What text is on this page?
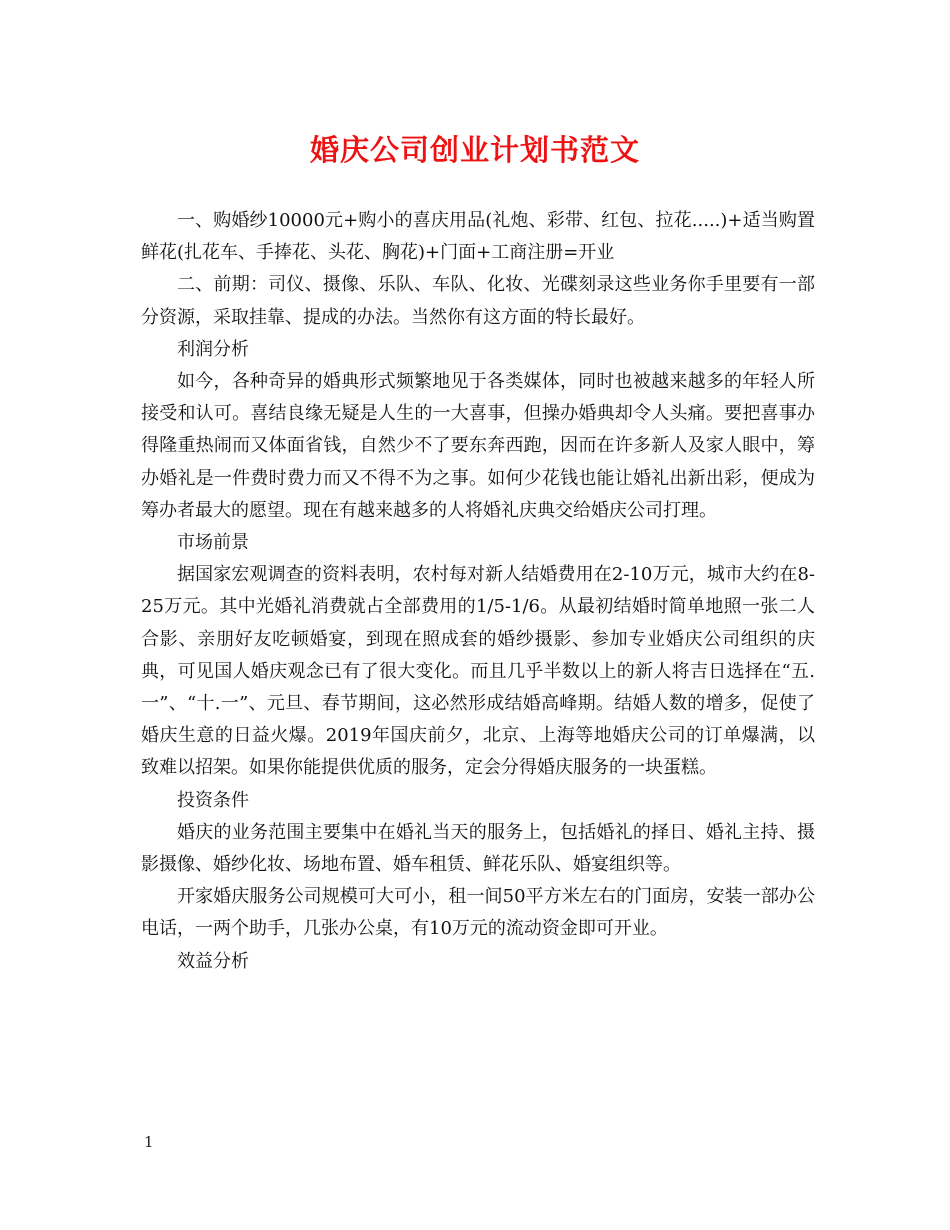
婚庆公司创业计划书范文

一、购婚纱10000元+购小的喜庆用品(礼炮、彩带、红包、拉花.....)+适当购置鲜花(扎花车、手捧花、头花、胸花)+门面+工商注册=开业

二、前期：司仪、摄像、乐队、车队、化妆、光碟刻录这些业务你手里要有一部分资源，采取挂靠、提成的办法。当然你有这方面的特长最好。

利润分析

如今，各种奇异的婚典形式频繁地见于各类媒体，同时也被越来越多的年轻人所接受和认可。喜结良缘无疑是人生的一大喜事，但操办婚典却令人头痛。要把喜事办得隆重热闹而又体面省钱，自然少不了要东奔西跑，因而在许多新人及家人眼中，筹办婚礼是一件费时费力而又不得不为之事。如何少花钱也能让婚礼出新出彩，便成为筹办者最大的愿望。现在有越来越多的人将婚礼庆典交给婚庆公司打理。

市场前景

据国家宏观调查的资料表明，农村每对新人结婚费用在2-10万元，城市大约在8-25万元。其中光婚礼消费就占全部费用的1/5-1/6。从最初结婚时简单地照一张二人合影、亲朋好友吃顿婚宴，到现在照成套的婚纱摄影、参加专业婚庆公司组织的庆典，可见国人婚庆观念已有了很大变化。而且几乎半数以上的新人将吉日选择在“五.一”、“十.一”、元旦、春节期间，这必然形成结婚高峰期。结婚人数的增多，促使了婚庆生意的日益火爆。2019年国庆前夕，北京、上海等地婚庆公司的订单爆满，以致难以招架。如果你能提供优质的服务，定会分得婚庆服务的一块蛋糕。

投资条件

婚庆的业务范围主要集中在婚礼当天的服务上，包括婚礼的择日、婚礼主持、摄影摄像、婚纱化妆、场地布置、婚车租赁、鲜花乐队、婚宴组织等。

开家婚庆服务公司规模可大可小，租一间50平方米左右的门面房，安装一部办公电话，一两个助手，几张办公桌，有10万元的流动资金即可开业。

效益分析

1
